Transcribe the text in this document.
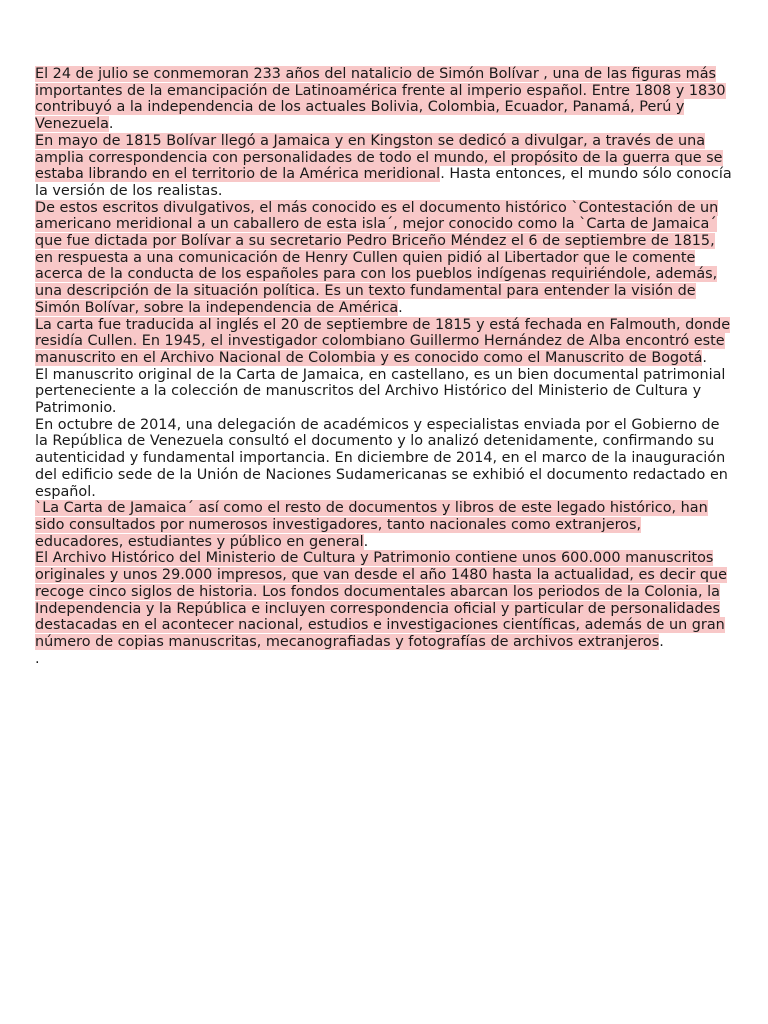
El 24 de julio se conmemoran 233 años del natalicio de Simón Bolívar , una de las figuras más importantes de la emancipación de Latinoamérica frente al imperio español. Entre 1808 y 1830 contribuyó a la independencia de los actuales Bolivia, Colombia, Ecuador, Panamá, Perú y Venezuela.

En mayo de 1815 Bolívar llegó a Jamaica y en Kingston se dedicó a divulgar, a través de una amplia correspondencia con personalidades de todo el mundo, el propósito de la guerra que se estaba librando en el territorio de la América meridional. Hasta entonces, el mundo sólo conocía la versión de los realistas.

De estos escritos divulgativos, el más conocido es el documento histórico `Contestación de un americano meridional a un caballero de esta isla´, mejor conocido como la `Carta de Jamaica´ que fue dictada por Bolívar a su secretario Pedro Briceño Méndez el 6 de septiembre de 1815, en respuesta a una comunicación de Henry Cullen quien pidió al Libertador que le comente acerca de la conducta de los españoles para con los pueblos indígenas requiriéndole, además, una descripción de la situación política. Es un texto fundamental para entender la visión de Simón Bolívar, sobre la independencia de América.

La carta fue traducida al inglés el 20 de septiembre de 1815 y está fechada en Falmouth, donde residía Cullen. En 1945, el investigador colombiano Guillermo Hernández de Alba encontró este manuscrito en el Archivo Nacional de Colombia y es conocido como el Manuscrito de Bogotá.

El manuscrito original de la Carta de Jamaica, en castellano, es un bien documental patrimonial perteneciente a la colección de manuscritos del Archivo Histórico del Ministerio de Cultura y Patrimonio.

En octubre de 2014, una delegación de académicos y especialistas enviada por el Gobierno de la República de Venezuela consultó el documento y lo analizó detenidamente, confirmando su autenticidad y fundamental importancia. En diciembre de 2014, en el marco de la inauguración del edificio sede de la Unión de Naciones Sudamericanas se exhibió el documento redactado en español.

`La Carta de Jamaica´ así como el resto de documentos y libros de este legado histórico, han sido consultados por numerosos investigadores, tanto nacionales como extranjeros, educadores, estudiantes y público en general.

El Archivo Histórico del Ministerio de Cultura y Patrimonio contiene unos 600.000 manuscritos originales y unos 29.000 impresos, que van desde el año 1480 hasta la actualidad, es decir que recoge cinco siglos de historia. Los fondos documentales abarcan los periodos de la Colonia, la Independencia y la República e incluyen correspondencia oficial y particular de personalidades destacadas en el acontecer nacional, estudios e investigaciones científicas, además de un gran número de copias manuscritas, mecanografiadas y fotografías de archivos extranjeros.

.
